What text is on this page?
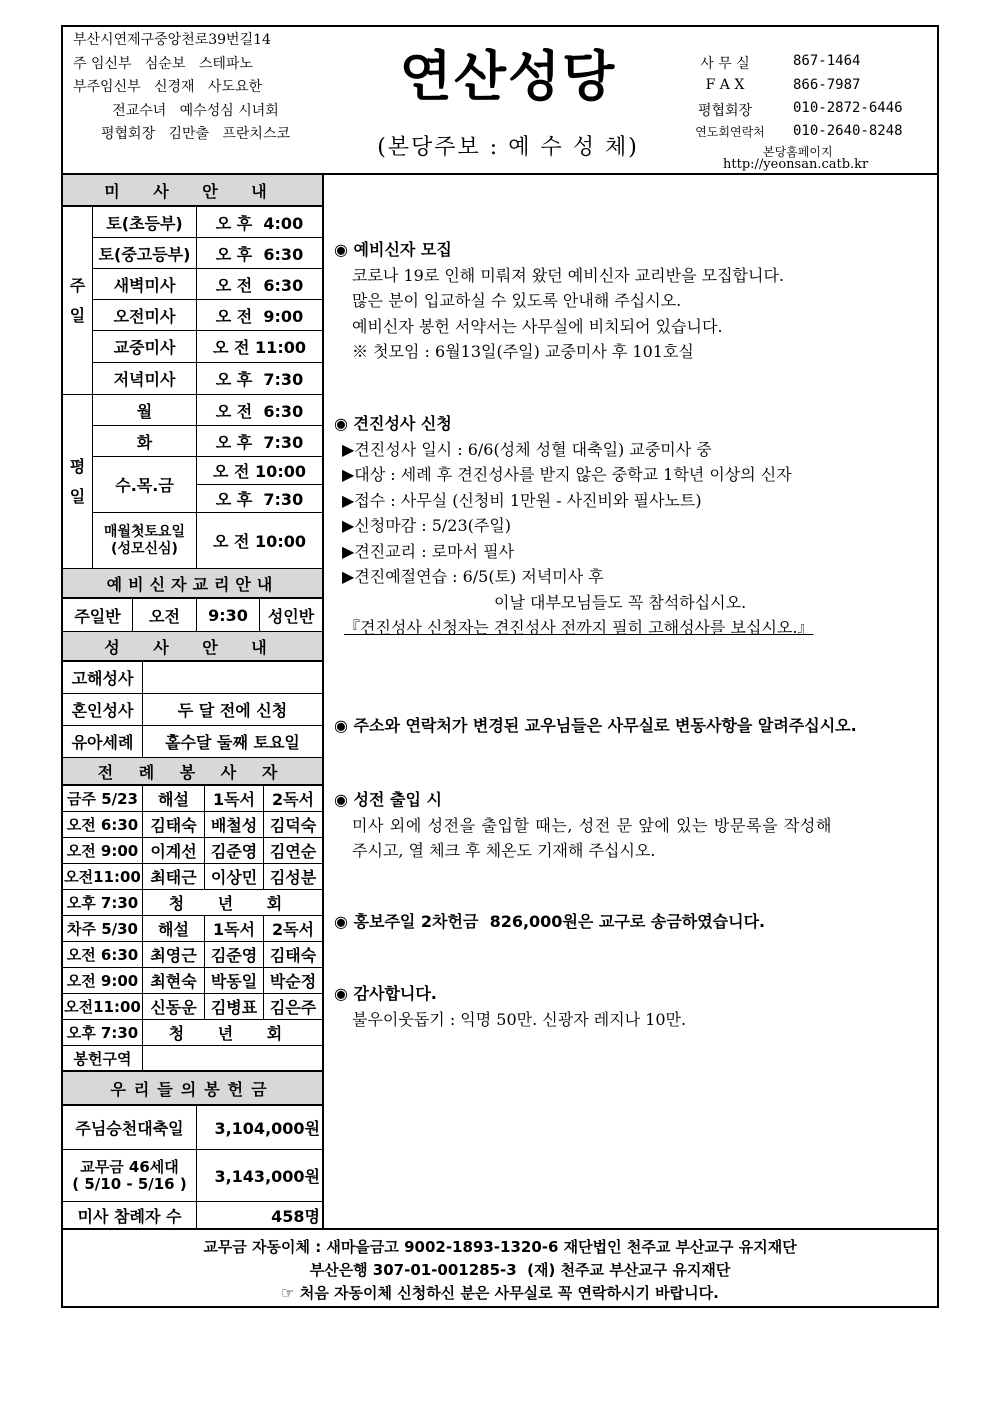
부산시연제구중앙천로39번길14
주 임신부   심순보   스테파노
부주임신부   신경재   사도요한
전교수녀   예수성심 시녀회
평협회장   김만출   프란치스코
연산성당
(본당주보 : 예 수 성 체)
사 무 실	867-1464
F A X	866-7987
평협회장	010-2872-6446
연도회연락처	010-2640-8248
본당홈페이지
http://yeonsan.catb.kr
미 사 안 내
주일
토(초등부)	오 후  4:00
토(중고등부)	오 후  6:30
새벽미사	오 전  6:30
오전미사	오 전  9:00
교중미사	오 전 11:00
저녁미사	오 후  7:30
평일
월	오 전  6:30
화	오 후  7:30
수.목.금
오 전 10:00
오 후  7:30
매월첫토요일
(성모신심)	오 전 10:00
예비신자교리안내
주일반	오전	9:30	성인반
성 사 안 내
고해성사
혼인성사	두 달 전에 신청
유아세례	홀수달 둘째 토요일
전 례 봉 사 자
금주 5/23	해설	1독서	2독서
오전 6:30 김태숙 배철성 김덕숙
오전 9:00 이계선 김준영 김연순
오전11:00 최태근 이상민 김성분
오후 7:30	청 년 회
차주 5/30	해설	1독서	2독서
오전 6:30 최영근 김준영 김태숙
오전 9:00 최현숙 박동일 박순정
오전11:00 신동운 김병표 김은주
오후 7:30	청 년 회
봉헌구역
우리들의봉헌금
주님승천대축일	3,104,000원
교무금 46세대
( 5/10 - 5/16 )	3,143,000원
미사 참례자 수	458명
◉ 예비신자 모집
코로나 19로 인해 미뤄져 왔던 예비신자 교리반을 모집합니다.
많은 분이 입교하실 수 있도록 안내해 주십시오.
예비신자 봉헌 서약서는 사무실에 비치되어 있습니다.
※ 첫모임 : 6월13일(주일) 교중미사 후 101호실
◉ 견진성사 신청
▶견진성사 일시 : 6/6(성체 성혈 대축일) 교중미사 중
▶대상 : 세례 후 견진성사를 받지 않은 중학교 1학년 이상의 신자
▶접수 : 사무실 (신청비 1만원 - 사진비와 필사노트)
▶신청마감 : 5/23(주일)
▶견진교리 : 로마서 필사
▶견진예절연습 : 6/5(토) 저녁미사 후
이날 대부모님들도 꼭 참석하십시오.
『견진성사 신청자는 견진성사 전까지 필히 고해성사를 보십시오.』
◉ 주소와 연락처가 변경된 교우님들은 사무실로 변동사항을 알려주십시오.
◉ 성전 출입 시
미사 외에 성전을 출입할 때는, 성전 문 앞에 있는 방문록을 작성해
주시고, 열 체크 후 체온도 기재해 주십시오.
◉ 홍보주일 2차헌금  826,000원은 교구로 송금하였습니다.
◉ 감사합니다.
불우이웃돕기 : 익명 50만. 신광자 레지나 10만.
교무금 자동이체 : 새마을금고 9002-1893-1320-6 재단법인 천주교 부산교구 유지재단
부산은행 307-01-001285-3  (재) 천주교 부산교구 유지재단
☞ 처음 자동이체 신청하신 분은 사무실로 꼭 연락하시기 바랍니다.
